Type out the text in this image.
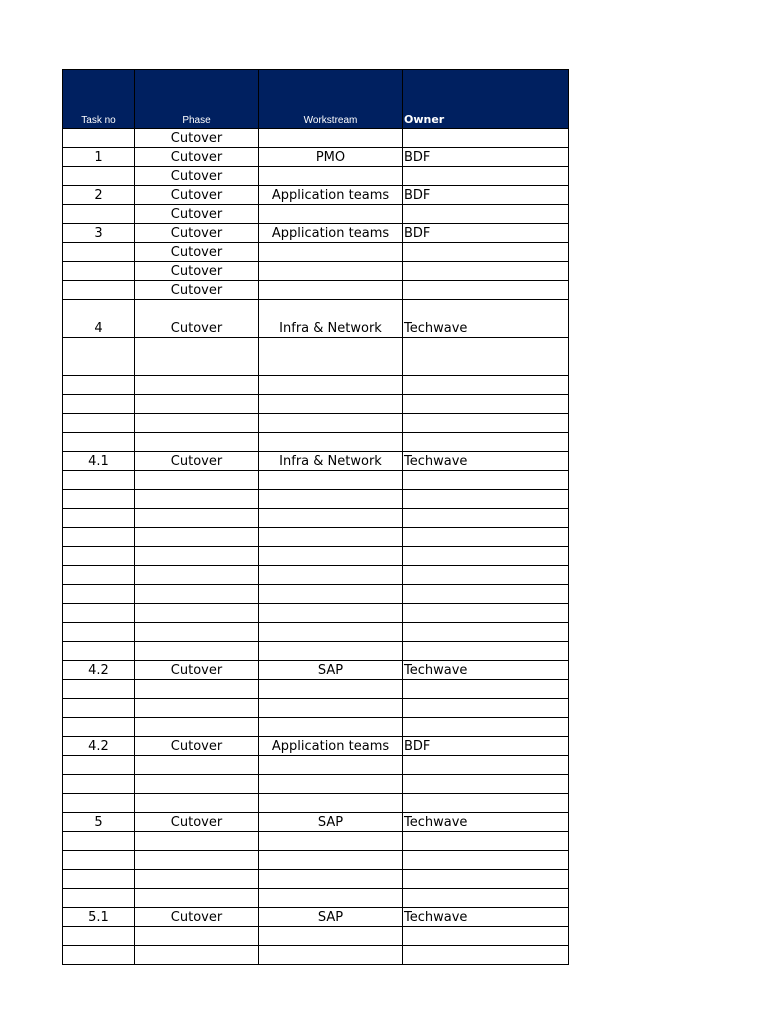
Task no	Phase	Workstream	Owner
	Cutover		
1	Cutover	PMO	BDF
	Cutover		
2	Cutover	Application teams	BDF
	Cutover		
3	Cutover	Application teams	BDF
	Cutover		
	Cutover		
	Cutover		
4	Cutover	Infra & Network	Techwave

4.1	Cutover	Infra & Network	Techwave

4.2	Cutover	SAP	Techwave

4.2	Cutover	Application teams	BDF

5	Cutover	SAP	Techwave

5.1	Cutover	SAP	Techwave
